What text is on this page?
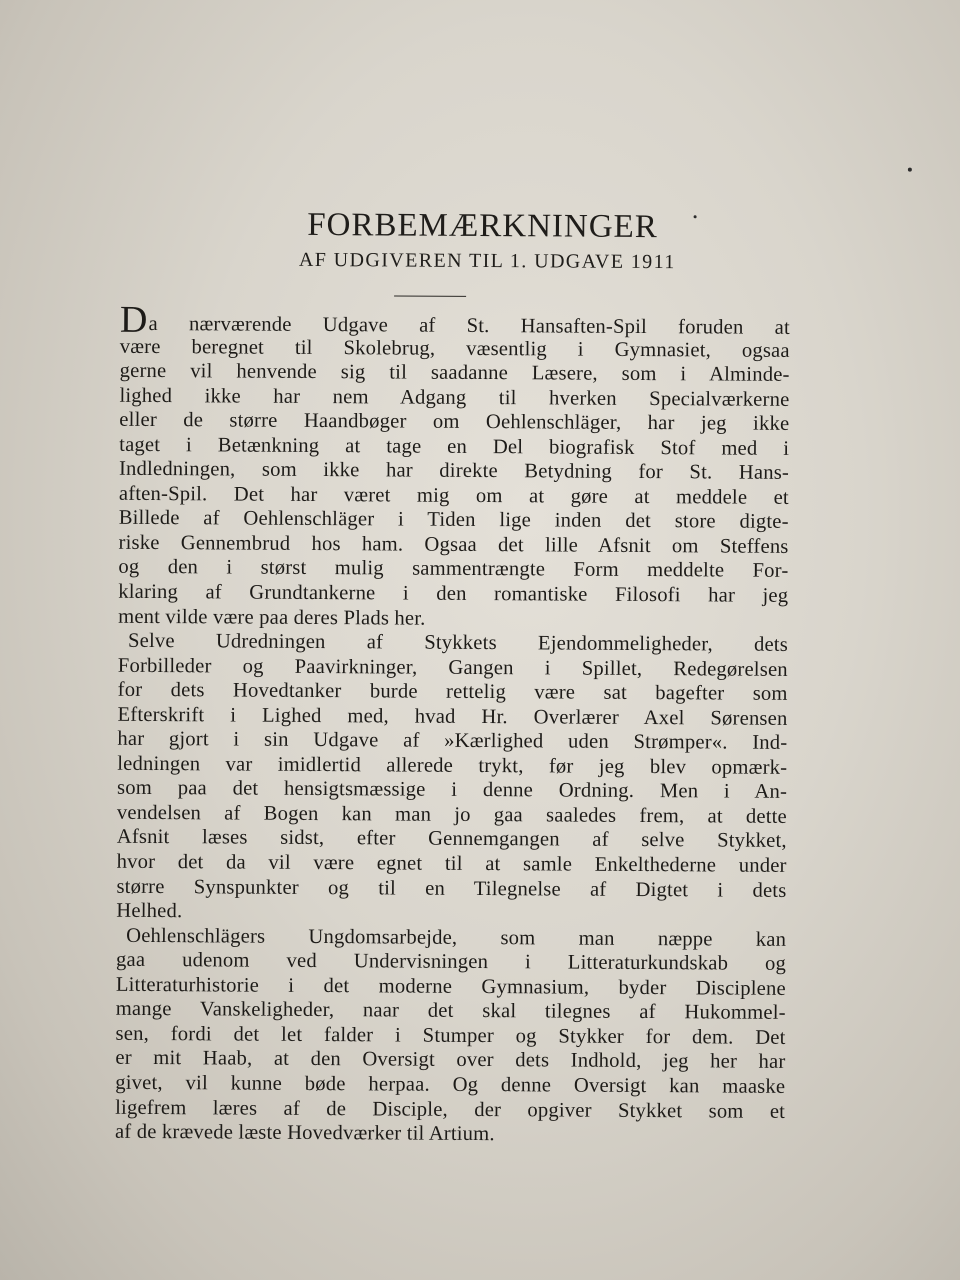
FORBEMÆRKNINGER
AF UDGIVEREN TIL 1. UDGAVE 1911
Da nærværende Udgave af St. Hansaften-Spil foruden at
være beregnet til Skolebrug, væsentlig i Gymnasiet, ogsaa
gerne vil henvende sig til saadanne Læsere, som i Alminde-
lighed ikke har nem Adgang til hverken Specialværkerne
eller de større Haandbøger om Oehlenschläger, har jeg ikke
taget i Betænkning at tage en Del biografisk Stof med i
Indledningen, som ikke har direkte Betydning for St. Hans-
aften-Spil. Det har været mig om at gøre at meddele et
Billede af Oehlenschläger i Tiden lige inden det store digte-
riske Gennembrud hos ham. Ogsaa det lille Afsnit om Steffens
og den i størst mulig sammentrængte Form meddelte For-
klaring af Grundtankerne i den romantiske Filosofi har jeg
ment vilde være paa deres Plads her.
Selve Udredningen af Stykkets Ejendommeligheder, dets
Forbilleder og Paavirkninger, Gangen i Spillet, Redegørelsen
for dets Hovedtanker burde rettelig være sat bagefter som
Efterskrift i Lighed med, hvad Hr. Overlærer Axel Sørensen
har gjort i sin Udgave af »Kærlighed uden Strømper«. Ind-
ledningen var imidlertid allerede trykt, før jeg blev opmærk-
som paa det hensigtsmæssige i denne Ordning. Men i An-
vendelsen af Bogen kan man jo gaa saaledes frem, at dette
Afsnit læses sidst, efter Gennemgangen af selve Stykket,
hvor det da vil være egnet til at samle Enkelthederne under
større Synspunkter og til en Tilegnelse af Digtet i dets
Helhed.
Oehlenschlägers Ungdomsarbejde, som man næppe kan
gaa udenom ved Undervisningen i Litteraturkundskab og
Litteraturhistorie i det moderne Gymnasium, byder Disciplene
mange Vanskeligheder, naar det skal tilegnes af Hukommel-
sen, fordi det let falder i Stumper og Stykker for dem. Det
er mit Haab, at den Oversigt over dets Indhold, jeg her har
givet, vil kunne bøde herpaa. Og denne Oversigt kan maaske
ligefrem læres af de Disciple, der opgiver Stykket som et
af de krævede læste Hovedværker til Artium.
